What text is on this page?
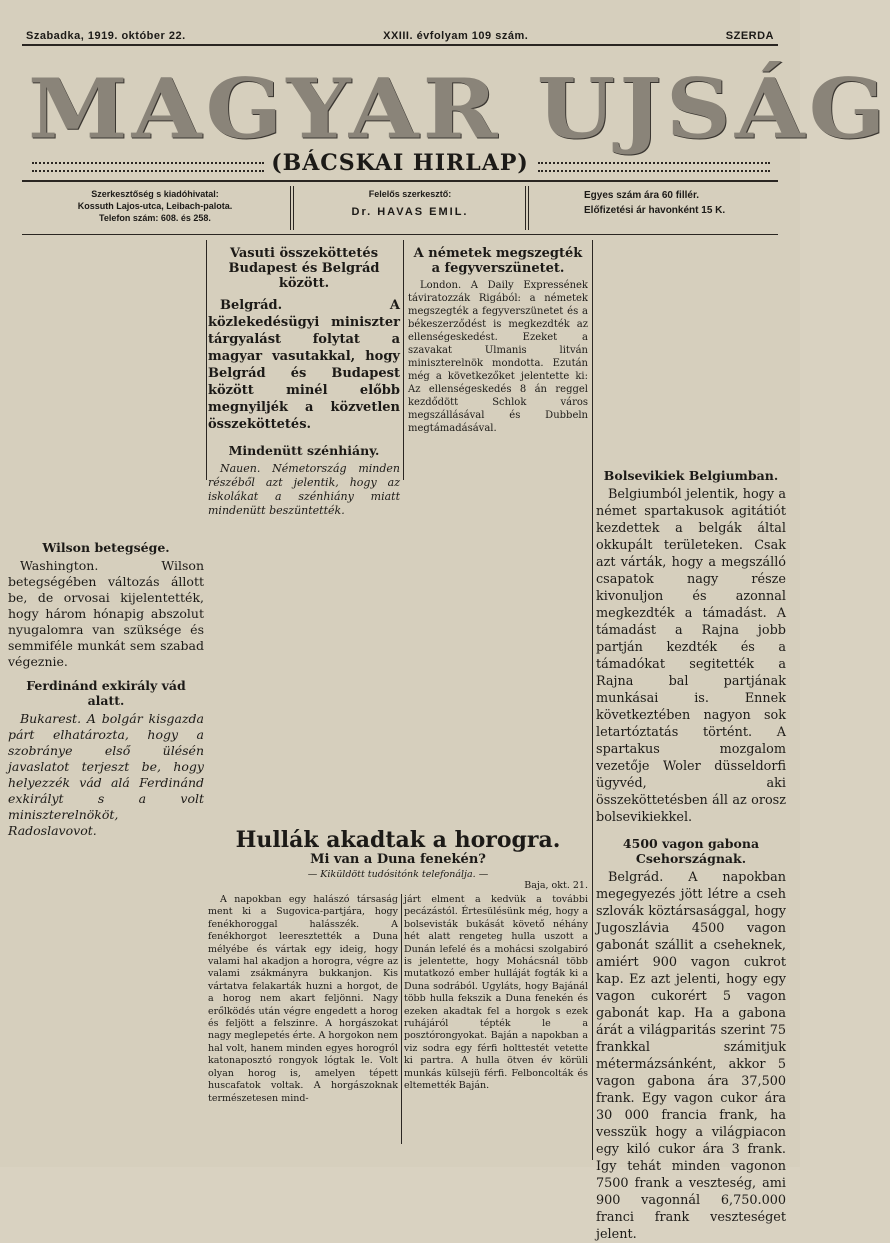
Szabadka, 1919. október 22.	XXIII. évfolyam 109 szám.	SZERDA
MAGYAR UJSÁG
(BÁCSKAI HIRLAP)
Szerkesztőség s kiadóhivatal:
Kossuth Lajos-utca, Leibach-palota.
Telefon szám: 608. és 258.
Felelős szerkesztő:
Dr. HAVAS EMIL.
Egyes szám ára 60 fillér.
Előfizetési ár havonként 15 K.
Vasuti összeköttetés
Budapest és Belgrád között.

Belgrád. A közlekedésügyi miniszter tárgyalást folytat a magyar vasutakkal, hogy Belgrád és Budapest között minél előbb megnyiljék a közvetlen összeköttetés.

Mindenütt szénhiány.

Nauen. Németország minden részéből azt jelentik, hogy az iskolákat a szénhiány miatt mindenütt beszüntették.

A németek megszegték
a fegyverszünetet.

London. A Daily Expressének táviratozzák Rigából: a németek megszegték a fegyverszünetet és a békeszerződést is megkezdték az ellenségeskedést. Ezeket a szavakat Ulmanis litván miniszterelnök mondotta. Ezután még a következőket jelentette ki: Az ellenségeskedés 8 án reggel kezdődött Schlok város megszállásával és Dubbeln megtámadásával.

Wilson betegsége.

Washington. Wilson betegségében változás állott be, de orvosai kijelentették, hogy három hónapig abszolut nyugalomra van szüksége és semmiféle munkát sem szabad végeznie.

Ferdinánd exkirály vád alatt.

Bukarest. A bolgár kisgazda párt elhatározta, hogy a szobránye első ülésén javaslatot terjeszt be, hogy helyezzék vád alá Ferdinánd exkirályt s a volt miniszterelnököt, Radoslavovot.

Bolsevikiek Belgiumban.

Belgiumból jelentik, hogy a német spartakusok agitátiót kezdettek a belgák által okkupált területeken. Csak azt várták, hogy a megszálló csapatok nagy része kivonuljon és azonnal megkezdték a támadást. A támadást a Rajna jobb partján kezdték és a támadókat segitették a Rajna bal partjának munkásai is. Ennek következtében nagyon sok letartóztatás történt. A spartakus mozgalom vezetője Woler düsseldorfi ügyvéd, aki összeköttetésben áll az orosz bolsevikiekkel.

4500 vagon gabona
Csehországnak.

Belgrád. A napokban megegyezés jött létre a cseh szlovák köztársasággal, hogy Jugoszlávia 4500 vagon gabonát szállit a cseheknek, amiért 900 vagon cukrot kap. Ez azt jelenti, hogy egy vagon cukorért 5 vagon gabonát kap. Ha a gabona árát a világparitás szerint 75 frankkal számitjuk métermázsánként, akkor 5 vagon gabona ára 37,500 frank. Egy vagon cukor ára 30 000 francia frank, ha vesszük hogy a világpiacon egy kiló cukor ára 3 frank. Igy tehát minden vagonon 7500 frank a veszteség, ami 900 vagonnál 6,750.000 franci frank veszteséget jelent.

Hullák akadtak a horogra.
Mi van a Duna fenekén?
— Kiküldött tudósitónk telefonálja. —
Baja, okt. 21.

A napokban egy halászó társaság ment ki a Sugovica-partjára, hogy fenékhoroggal halásszék. A fenékhorgot leeresztették a Duna mélyébe és vártak egy ideig, hogy valami hal akadjon a horogra, végre az valami zsákmányra bukkanjon. Kis vártatva felakarták huzni a horgot, de a horog nem akart feljönni. Nagy erőlködés után végre engedett a horog és feljött a felszinre. A horgászokat nagy meglepetés érte. A horgokon nem hal volt, hanem minden egyes horogról katonaposztó rongyok lógtak le. Volt olyan horog is, amelyen tépett huscafatok voltak. A horgászoknak természetesen mind-

járt elment a kedvük a további pecázástól. Értesülésünk még, hogy a bolsevisták bukását követő néhány hét alatt rengeteg hulla uszott a Dunán lefelé és a mohácsi szolgabiró is jelentette, hogy Mohácsnál több mutatkozó ember hulláját fogták ki a Duna sodrából. Ugyláts, hogy Bajánál több hulla fekszik a Duna fenekén és ezeken akadtak fel a horgok s ezek ruhájáról tépték le a posztórongyokat. Baján a napokban a viz sodra egy férfi holttestét vetette ki partra. A hulla ötven év körüli munkás külsejü férfi. Felboncolták és eltemették Baján.
